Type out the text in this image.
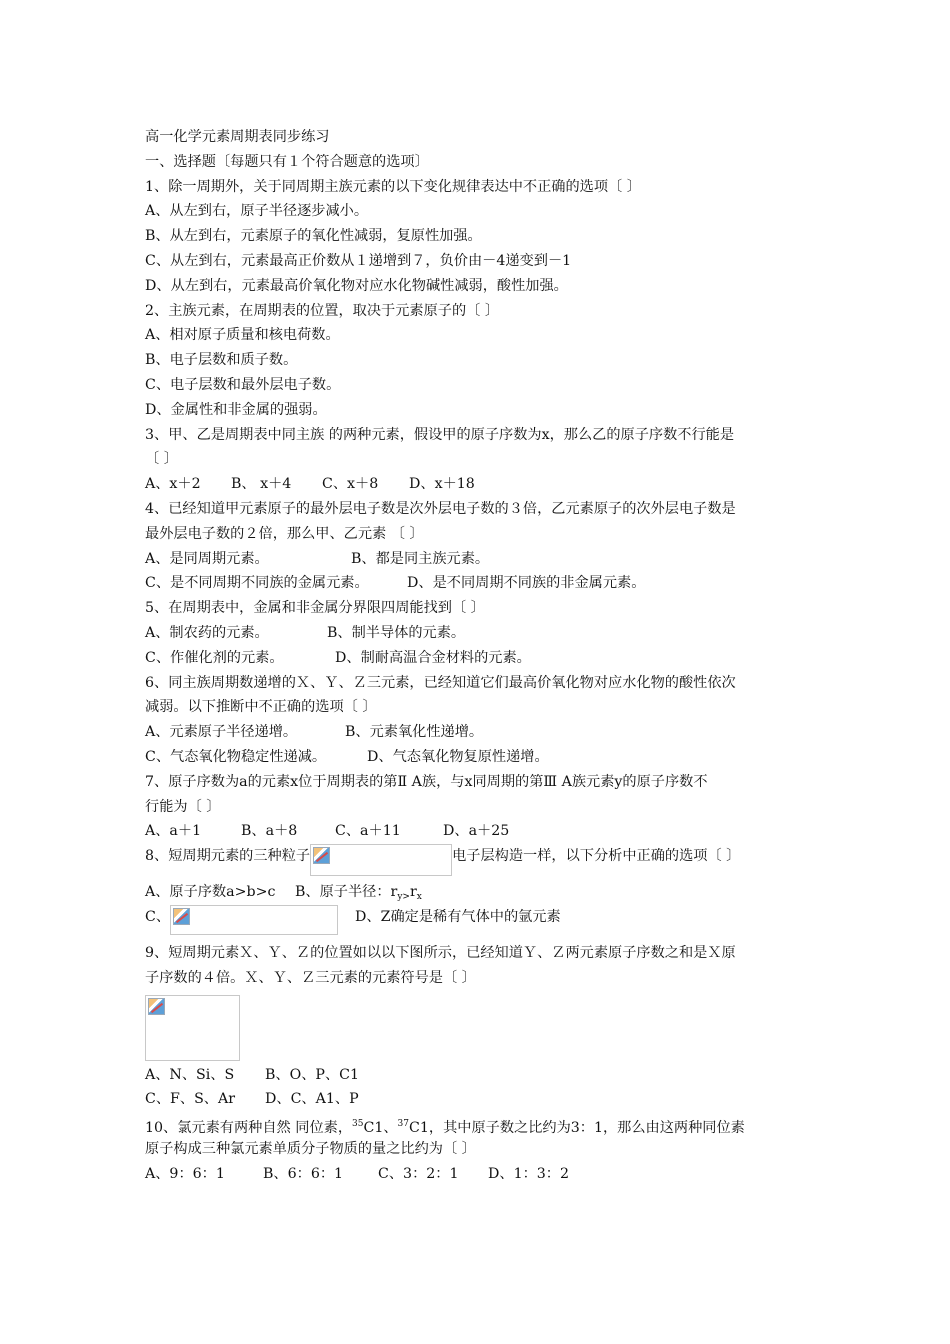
高一化学元素周期表同步练习
一、选择题〔每题只有１个符合题意的选项〕
1、除一周期外，关于同周期主族元素的以下变化规律表达中不正确的选项〔 〕
A、从左到右，原子半径逐步减小。
B、从左到右，元素原子的氧化性减弱，复原性加强。
C、从左到右，元素最高正价数从１递增到７，负价由－4递变到－1
D、从左到右，元素最高价氧化物对应水化物碱性减弱，酸性加强。
2、主族元素，在周期表的位置，取决于元素原子的〔 〕
A、相对原子质量和核电荷数。
B、电子层数和质子数。
C、电子层数和最外层电子数。
D、金属性和非金属的强弱。
3、甲、乙是周期表中同主族 的两种元素，假设甲的原子序数为x，那么乙的原子序数不行能是
〔 〕
A、x＋2 B、 x＋4 C、x＋8 D、x＋18
4、已经知道甲元素原子的最外层电子数是次外层电子数的３倍，乙元素原子的次外层电子数是
最外层电子数的２倍，那么甲、乙元素 〔 〕
A、是同周期元素。	B、都是同主族元素。
C、是不同周期不同族的金属元素。	D、是不同周期不同族的非金属元素。
5、在周期表中，金属和非金属分界限四周能找到〔 〕
A、制农药的元素。	B、制半导体的元素。
C、作催化剂的元素。	D、制耐高温合金材料的元素。
6、同主族周期数递增的Ｘ、Ｙ、Ｚ三元素，已经知道它们最高价氧化物对应水化物的酸性依次
减弱。以下推断中不正确的选项〔 〕
A、元素原子半径递增。	B、元素氧化性递增。
C、气态氧化物稳定性递减。	D、气态氧化物复原性递增。
7、原子序数为a的元素x位于周期表的第Ⅱ A族，与x同周期的第Ⅲ A族元素y的原子序数不
行能为〔 〕
A、a＋1	B、a＋8	C、a＋11	D、a＋25
8、短周期元素的三种粒子	电子层构造一样，以下分析中正确的选项〔 〕
A、原子序数a>b>c B、原子半径：$r_{y>}r_x$
C、	D、Z确定是稀有气体中的氩元素
9、短周期元素Ｘ、Ｙ、Ｚ的位置如以以下图所示，已经知道Ｙ、Ｚ两元素原子序数之和是Ｘ原
子序数的４倍。Ｘ、Ｙ、Ｚ三元素的元素符号是〔 〕
A、N、Si、S B、O、P、C1
C、F、S、Ar D、C、A1、P
10、氯元素有两种自然 同位素，$^{35}$C1、$^{37}$C1，其中原子数之比约为3：1，那么由这两种同位素
原子构成三种氯元素单质分子物质的量之比约为〔 〕
A、9：6：1	B、6：6：1 C、3：2：1 D、1：3：2
